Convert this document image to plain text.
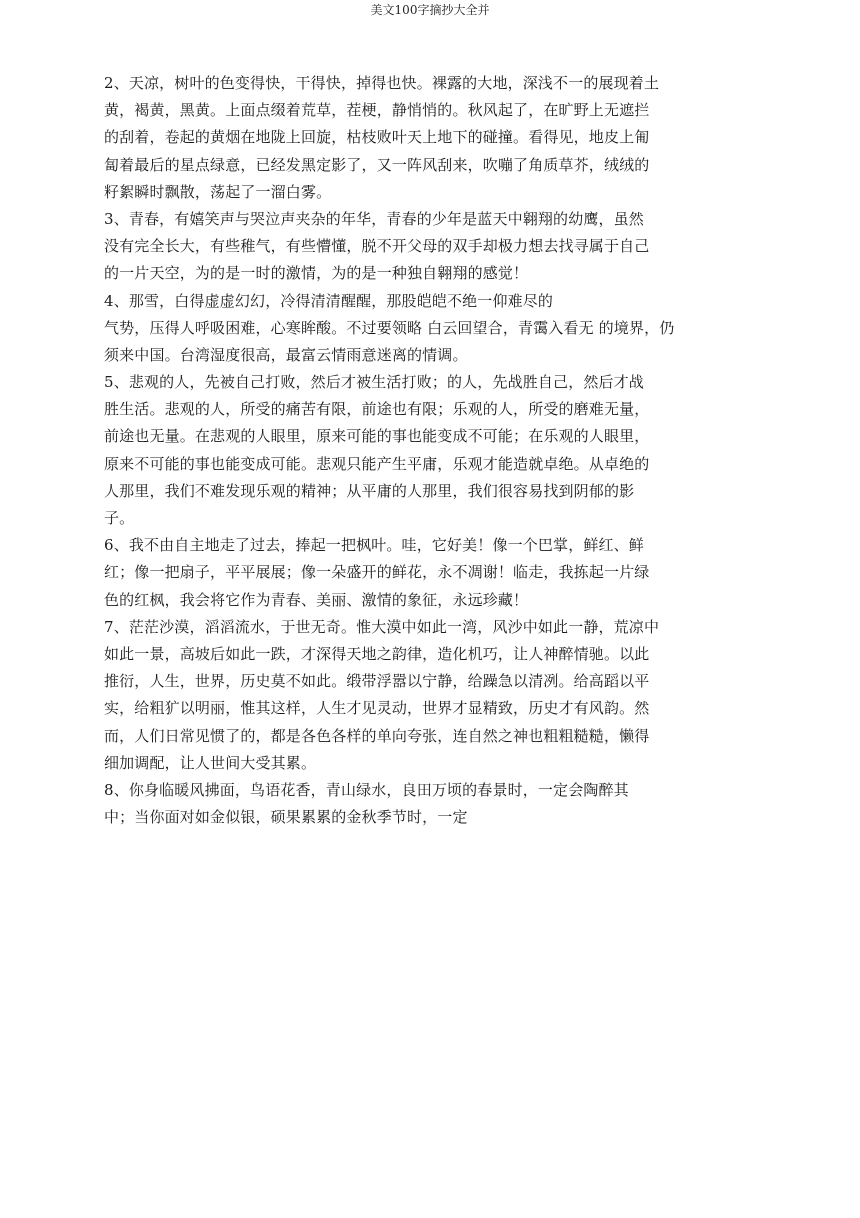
美文100字摘抄大全并
2、天凉，树叶的色变得快，干得快，掉得也快。裸露的大地，深浅不一的展现着土
黄，褐黄，黑黄。上面点缀着荒草，茬梗，静悄悄的。秋风起了，在旷野上无遮拦
的刮着，卷起的黄烟在地陇上回旋，枯枝败叶天上地下的碰撞。看得见，地皮上匍
匐着最后的星点绿意，已经发黑定影了，又一阵风刮来，吹嘣了角质草芥，绒绒的
籽絮瞬时飘散，荡起了一溜白雾。
3、青春，有嬉笑声与哭泣声夹杂的年华，青春的少年是蓝天中翱翔的幼鹰，虽然
没有完全长大，有些稚气，有些懵懂，脱不开父母的双手却极力想去找寻属于自己
的一片天空，为的是一时的激情，为的是一种独自翱翔的感觉！
4、那雪，白得虚虚幻幻，冷得清清醒醒，那股皑皑不绝一仰难尽的
气势，压得人呼吸困难，心寒眸酸。不过要领略 白云回望合，青霭入看无 的境界，仍
须来中国。台湾湿度很高，最富云情雨意迷离的情调。
5、悲观的人，先被自己打败，然后才被生活打败；的人，先战胜自己，然后才战
胜生活。悲观的人，所受的痛苦有限，前途也有限；乐观的人，所受的磨难无量，
前途也无量。在悲观的人眼里，原来可能的事也能变成不可能；在乐观的人眼里，
原来不可能的事也能变成可能。悲观只能产生平庸，乐观才能造就卓绝。从卓绝的
人那里，我们不难发现乐观的精神；从平庸的人那里，我们很容易找到阴郁的影
子。
6、我不由自主地走了过去，捧起一把枫叶。哇，它好美！像一个巴掌，鲜红、鲜
红；像一把扇子，平平展展；像一朵盛开的鲜花，永不凋谢！临走，我拣起一片绿
色的红枫，我会将它作为青春、美丽、激情的象征，永远珍藏！
7、茫茫沙漠，滔滔流水，于世无奇。惟大漠中如此一湾，风沙中如此一静，荒凉中
如此一景，高坡后如此一跌，才深得天地之韵律，造化机巧，让人神醉情驰。以此
推衍，人生，世界，历史莫不如此。缎带浮嚣以宁静，给躁急以清冽。给高蹈以平
实，给粗犷以明丽，惟其这样，人生才见灵动，世界才显精致，历史才有风韵。然
而，人们日常见惯了的，都是各色各样的单向夸张，连自然之神也粗粗糙糙，懒得
细加调配，让人世间大受其累。
8、你身临暖风拂面，鸟语花香，青山绿水，良田万顷的春景时，一定会陶醉其
中；当你面对如金似银，硕果累累的金秋季节时，一定
